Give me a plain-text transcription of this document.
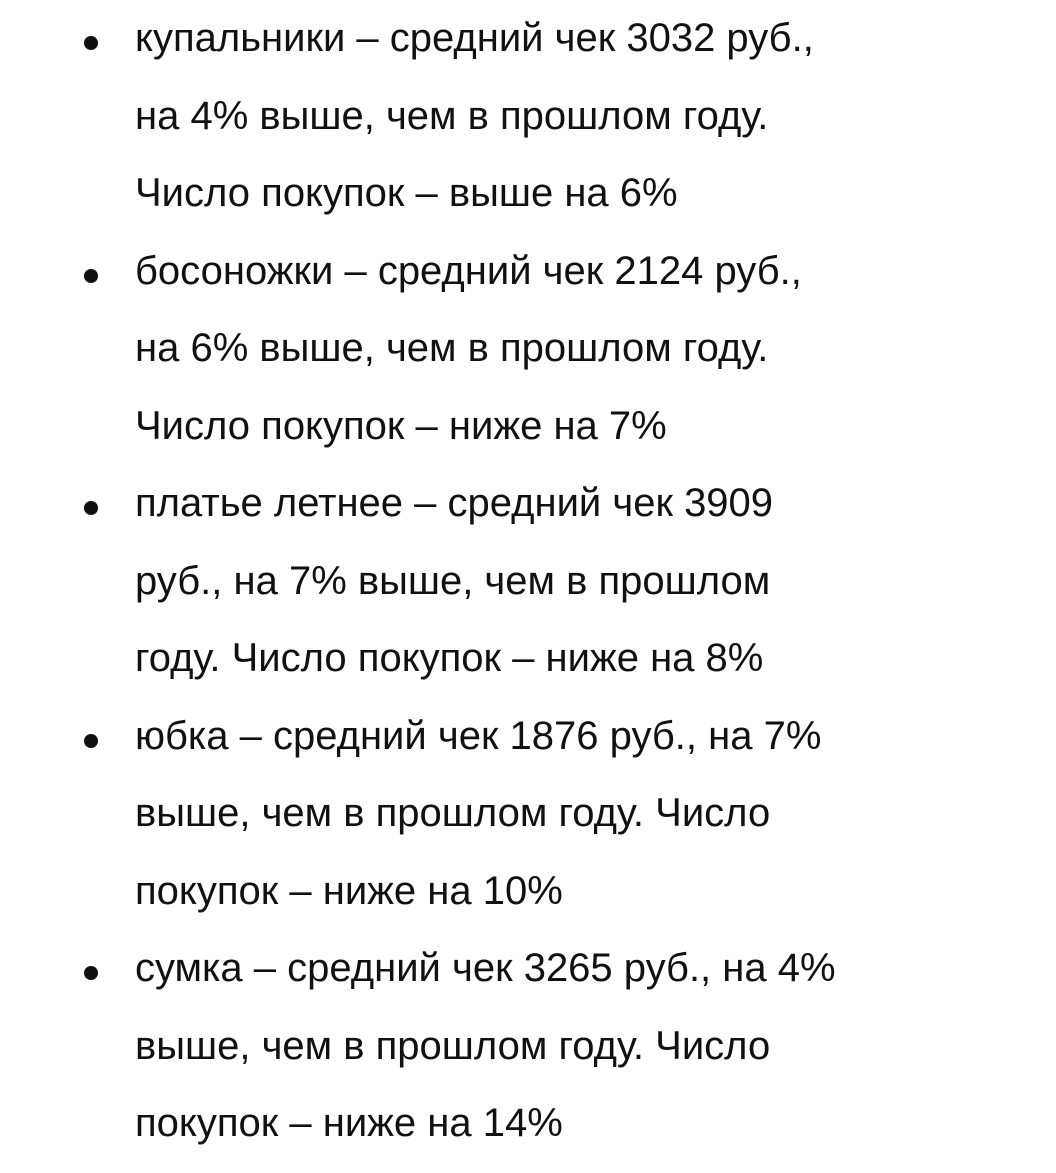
купальники – средний чек 3032 руб.,
на 4% выше, чем в прошлом году.
Число покупок – выше на 6%
босоножки – средний чек 2124 руб.,
на 6% выше, чем в прошлом году.
Число покупок – ниже на 7%
платье летнее – средний чек 3909
руб., на 7% выше, чем в прошлом
году. Число покупок – ниже на 8%
юбка – средний чек 1876 руб., на 7%
выше, чем в прошлом году. Число
покупок – ниже на 10%
сумка – средний чек 3265 руб., на 4%
выше, чем в прошлом году. Число
покупок – ниже на 14%
